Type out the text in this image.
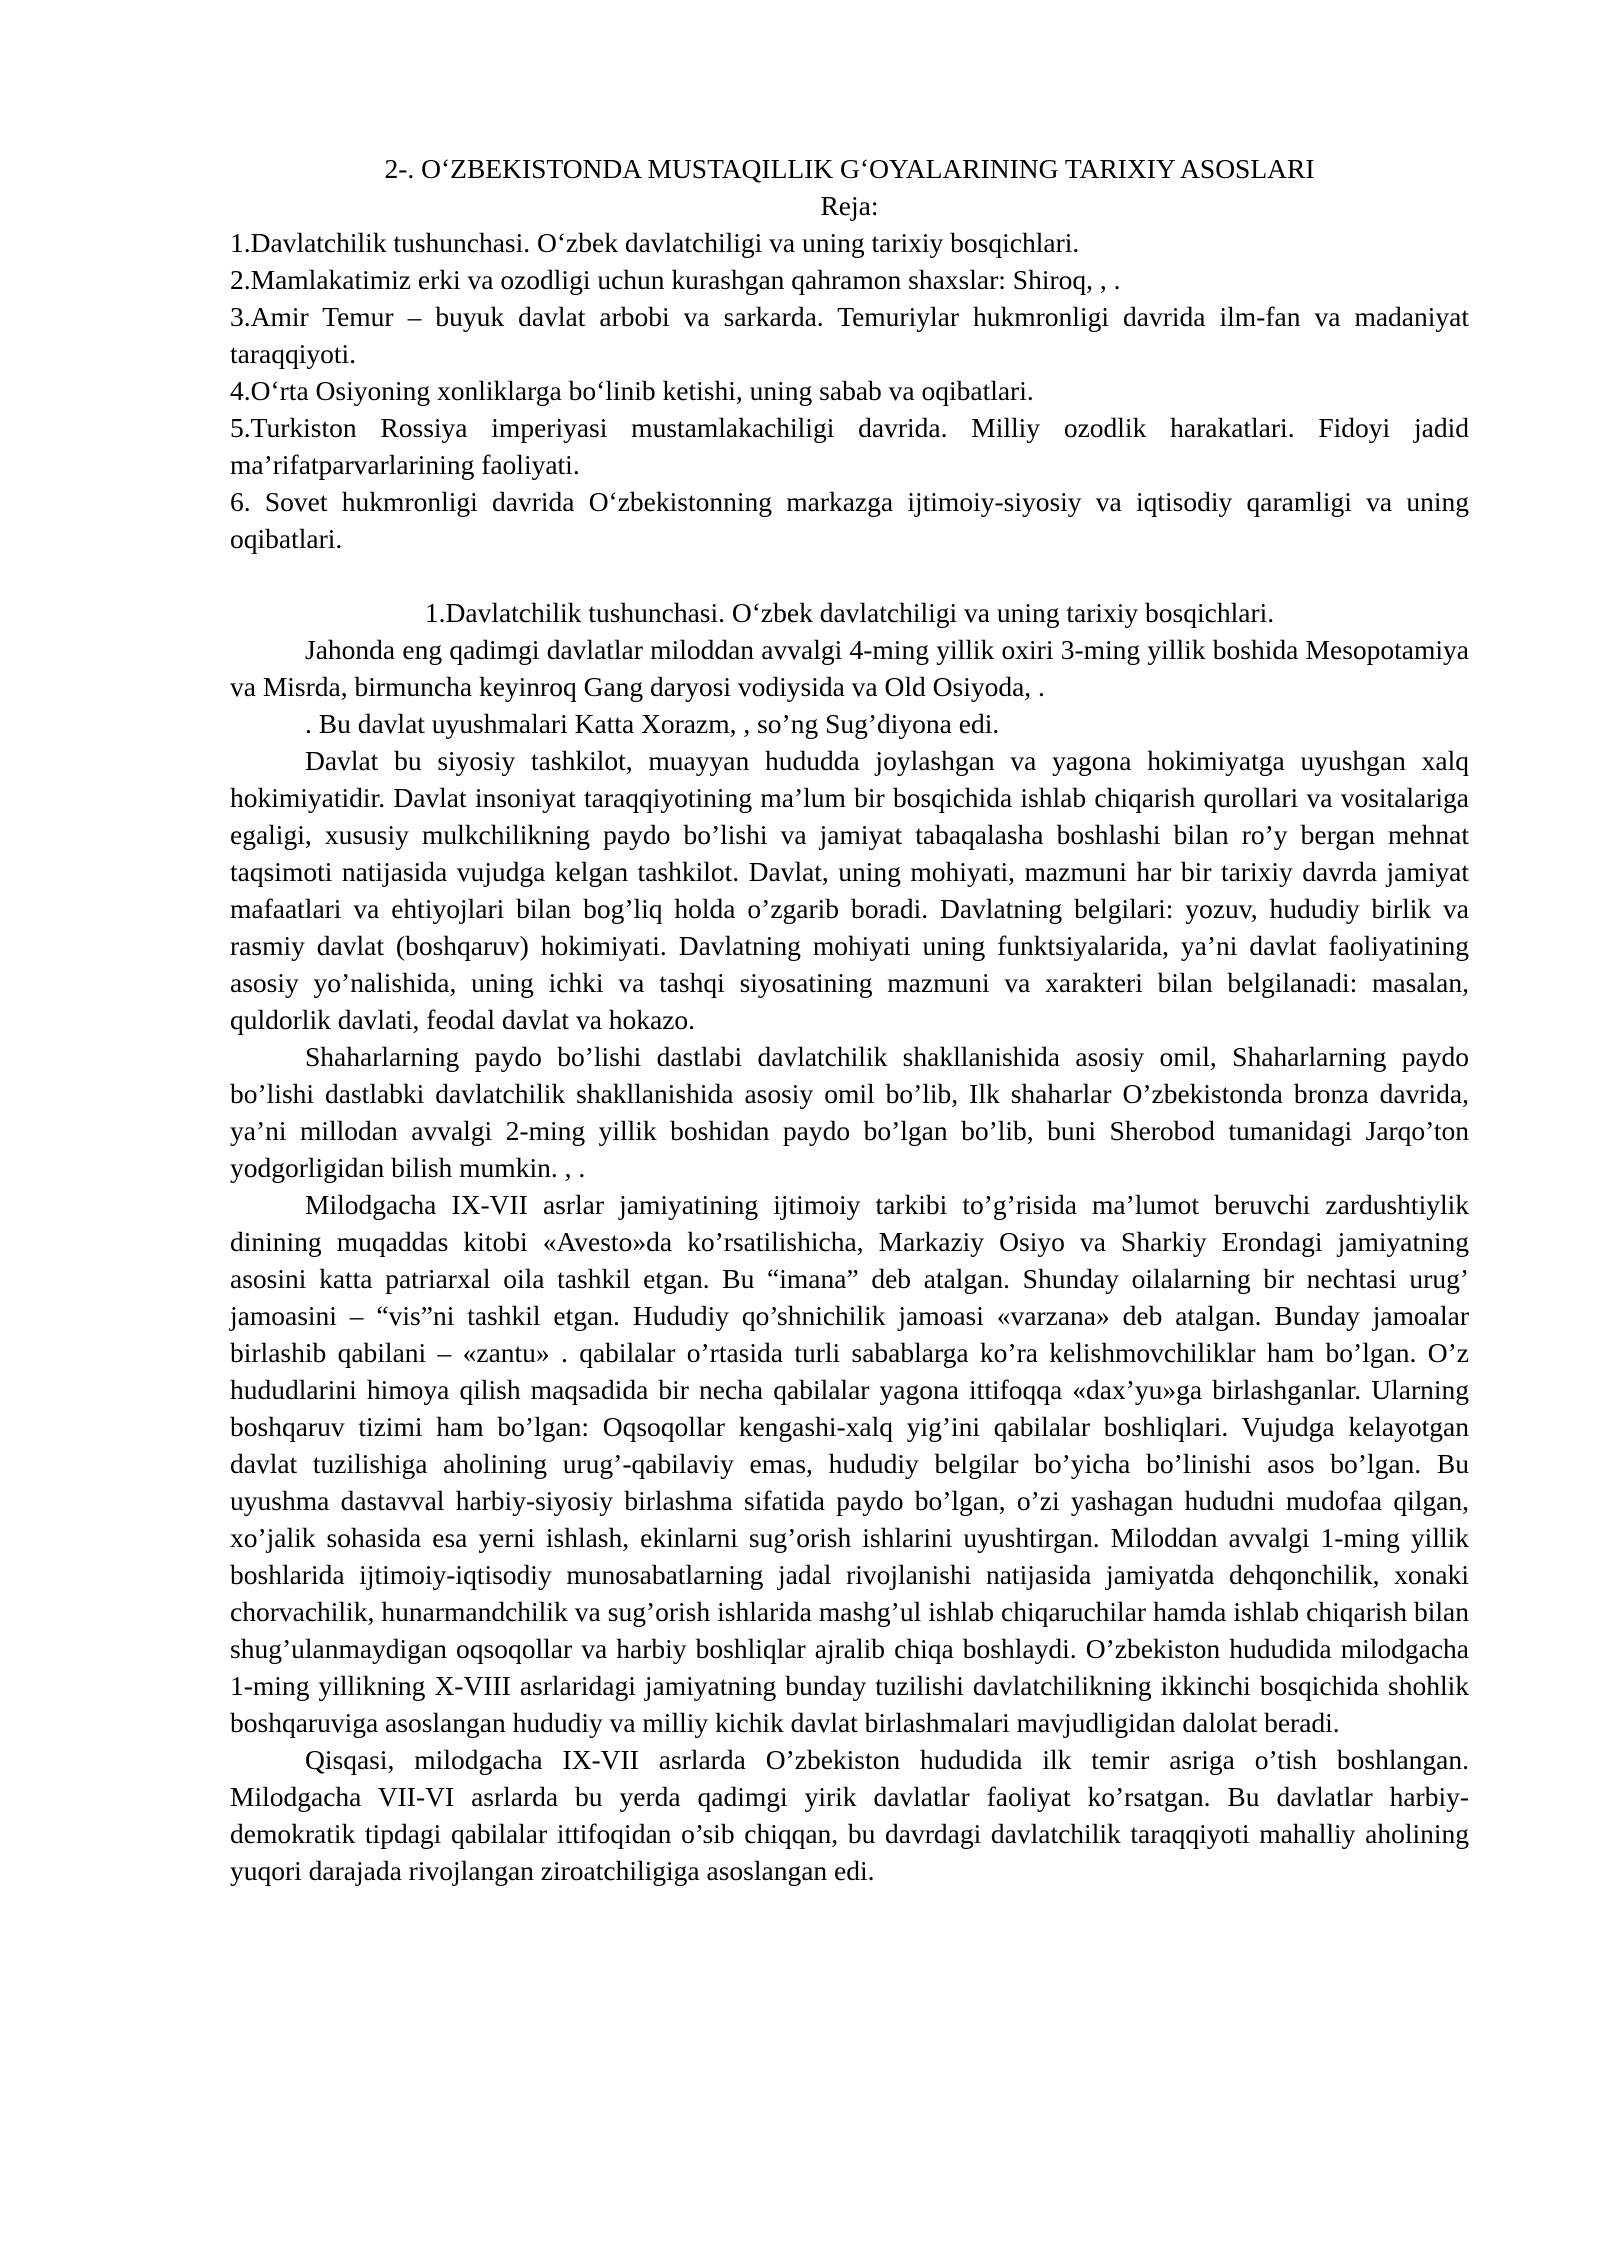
2-. O‘ZBEKISTONDA MUSTAQILLIK G‘OYALARINING TARIXIY ASOSLARI

Reja:

1.Davlatchilik tushunchasi. O‘zbek davlatchiligi va uning tarixiy bosqichlari.

2.Mamlakatimiz erki va ozodligi uchun kurashgan qahramon shaxslar: Shiroq, , .

3.Amir Temur – buyuk davlat arbobi va sarkarda. Temuriylar hukmronligi davrida ilm-fan va madaniyat taraqqiyoti.

4.O‘rta Osiyoning xonliklarga bo‘linib ketishi, uning sabab va oqibatlari.

5.Turkiston Rossiya imperiyasi mustamlakachiligi davrida. Milliy ozodlik harakatlari. Fidoyi jadid ma’rifatparvarlarining faoliyati.

6. Sovet hukmronligi davrida O‘zbekistonning markazga ijtimoiy-siyosiy va iqtisodiy qaramligi va uning oqibatlari.

1.Davlatchilik tushunchasi. O‘zbek davlatchiligi va uning tarixiy bosqichlari.

Jahonda eng qadimgi davlatlar miloddan avvalgi 4-ming yillik oxiri 3-ming yillik boshida Mesopotamiya va Misrda, birmuncha keyinroq Gang daryosi vodiysida va Old Osiyoda, .

. Bu davlat uyushmalari Katta Xorazm, , so’ng Sug’diyona edi.

Davlat bu siyosiy tashkilot, muayyan hududda joylashgan va yagona hokimiyatga uyushgan xalq hokimiyatidir. Davlat insoniyat taraqqiyotining ma’lum bir bosqichida ishlab chiqarish qurollari va vositalariga egaligi, xususiy mulkchilikning paydo bo’lishi va jamiyat tabaqalasha boshlashi bilan ro’y bergan mehnat taqsimoti natijasida vujudga kelgan tashkilot. Davlat, uning mohiyati, mazmuni har bir tarixiy davrda jamiyat mafaatlari va ehtiyojlari bilan bog’liq holda o’zgarib boradi. Davlatning belgilari: yozuv, hududiy birlik va rasmiy davlat (boshqaruv) hokimiyati. Davlatning mohiyati uning funktsiyalarida, ya’ni davlat faoliyatining asosiy yo’nalishida, uning ichki va tashqi siyosatining mazmuni va xarakteri bilan belgilanadi: masalan, quldorlik davlati, feodal davlat va hokazo.

Shaharlarning paydo bo’lishi dastlabi davlatchilik shakllanishida asosiy omil, Shaharlarning paydo bo’lishi dastlabki davlatchilik shakllanishida asosiy omil bo’lib, Ilk shaharlar O’zbekistonda bronza davrida, ya’ni millodan avvalgi 2-ming yillik boshidan paydo bo’lgan bo’lib, buni Sherobod tumanidagi Jarqo’ton yodgorligidan bilish mumkin. , .

Milodgacha IX-VII asrlar jamiyatining ijtimoiy tarkibi to’g’risida ma’lumot beruvchi zardushtiylik dinining muqaddas kitobi «Avesto»da ko’rsatilishicha, Markaziy Osiyo va Sharkiy Erondagi jamiyatning asosini katta patriarxal oila tashkil etgan. Bu “imana” deb atalgan. Shunday oilalarning bir nechtasi urug’ jamoasini – “vis”ni tashkil etgan. Hududiy qo’shnichilik jamoasi «varzana» deb atalgan. Bunday jamoalar birlashib qabilani – «zantu» . qabilalar o’rtasida turli sabablarga ko’ra kelishmovchiliklar ham bo’lgan. O’z hududlarini himoya qilish maqsadida bir necha qabilalar yagona ittifoqqa «dax’yu»ga birlashganlar. Ularning boshqaruv tizimi ham bo’lgan: Oqsoqollar kengashi-xalq yig’ini qabilalar boshliqlari. Vujudga kelayotgan davlat tuzilishiga aholining urug’-qabilaviy emas, hududiy belgilar bo’yicha bo’linishi asos bo’lgan. Bu uyushma dastavval harbiy-siyosiy birlashma sifatida paydo bo’lgan, o’zi yashagan hududni mudofaa qilgan, xo’jalik sohasida esa yerni ishlash, ekinlarni sug’orish ishlarini uyushtirgan. Miloddan avvalgi 1-ming yillik boshlarida ijtimoiy-iqtisodiy munosabatlarning jadal rivojlanishi natijasida jamiyatda dehqonchilik, xonaki chorvachilik, hunarmandchilik va sug’orish ishlarida mashg’ul ishlab chiqaruchilar hamda ishlab chiqarish bilan shug’ulanmaydigan oqsoqollar va harbiy boshliqlar ajralib chiqa boshlaydi. O’zbekiston hududida milodgacha 1-ming yillikning X-VIII asrlaridagi jamiyatning bunday tuzilishi davlatchilikning ikkinchi bosqichida shohlik boshqaruviga asoslangan hududiy va milliy kichik davlat birlashmalari mavjudligidan dalolat beradi.

Qisqasi, milodgacha IX-VII asrlarda O’zbekiston hududida ilk temir asriga o’tish boshlangan. Milodgacha VII-VI asrlarda bu yerda qadimgi yirik davlatlar faoliyat ko’rsatgan. Bu davlatlar harbiy-demokratik tipdagi qabilalar ittifoqidan o’sib chiqqan, bu davrdagi davlatchilik taraqqiyoti mahalliy aholining yuqori darajada rivojlangan ziroatchiligiga asoslangan edi.
